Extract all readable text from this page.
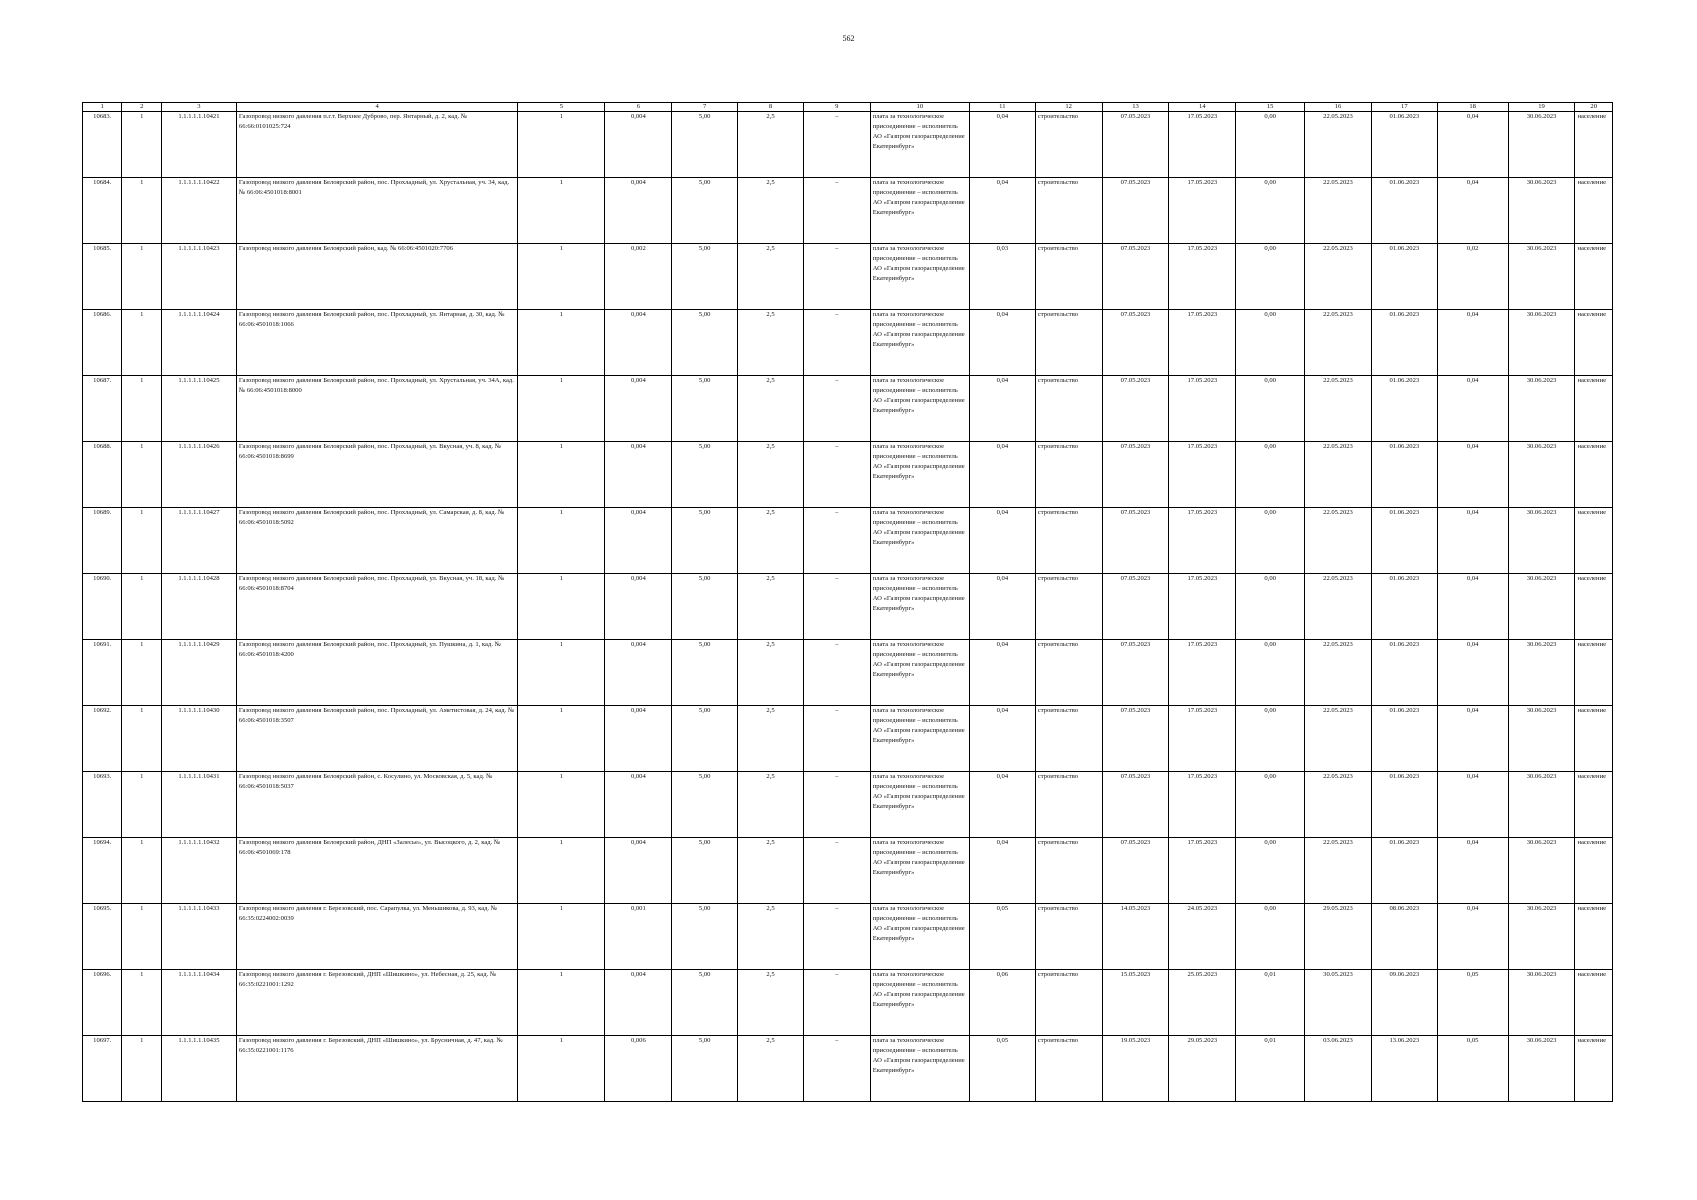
562
1	2	3	4	5	6	7	8	9	10	11	12	13	14	15	16	17	18	19	20
10683.	1	1.1.1.1.1.10421	Газопровод низкого давления п.г.т. Верхнее Дуброво, пер. Янтарный, д. 2, кад. № 66:66:0101025:724	1	0,004	5,00	2,5	–	плата за технологическое присоединение – исполнитель АО «Газпром газораспределение Екатеринбург»	0,04	строительство	07.05.2023	17.05.2023	0,00	22.05.2023	01.06.2023	0,04	30.06.2023	население
10684.	1	1.1.1.1.1.10422	Газопровод низкого давления Белоярский район, пос. Прохладный, ул. Хрустальная, уч. 34, кад. № 66:06:4501018:8001	1	0,004	5,00	2,5	–	плата за технологическое присоединение – исполнитель АО «Газпром газораспределение Екатеринбург»	0,04	строительство	07.05.2023	17.05.2023	0,00	22.05.2023	01.06.2023	0,04	30.06.2023	население
10685.	1	1.1.1.1.1.10423	Газопровод низкого давления Белоярский район, кад. № 66:06:4501020:7706	1	0,002	5,00	2,5	–	плата за технологическое присоединение – исполнитель АО «Газпром газораспределение Екатеринбург»	0,03	строительство	07.05.2023	17.05.2023	0,00	22.05.2023	01.06.2023	0,02	30.06.2023	население
10686.	1	1.1.1.1.1.10424	Газопровод низкого давления Белоярский район, пос. Прохладный, ул. Янтарная, д. 30, кад. № 66:06:4501018:1066	1	0,004	5,00	2,5	–	плата за технологическое присоединение – исполнитель АО «Газпром газораспределение Екатеринбург»	0,04	строительство	07.05.2023	17.05.2023	0,00	22.05.2023	01.06.2023	0,04	30.06.2023	население
10687.	1	1.1.1.1.1.10425	Газопровод низкого давления Белоярский район, пос. Прохладный, ул. Хрустальная, уч. 34А, кад. № 66:06:4501018:8000	1	0,004	5,00	2,5	–	плата за технологическое присоединение – исполнитель АО «Газпром газораспределение Екатеринбург»	0,04	строительство	07.05.2023	17.05.2023	0,00	22.05.2023	01.06.2023	0,04	30.06.2023	население
10688.	1	1.1.1.1.1.10426	Газопровод низкого давления Белоярский район, пос. Прохладный, ул. Вкусная, уч. 8, кад. № 66:06:4501018:8699	1	0,004	5,00	2,5	–	плата за технологическое присоединение – исполнитель АО «Газпром газораспределение Екатеринбург»	0,04	строительство	07.05.2023	17.05.2023	0,00	22.05.2023	01.06.2023	0,04	30.06.2023	население
10689.	1	1.1.1.1.1.10427	Газопровод низкого давления Белоярский район, пос. Прохладный, ул. Самарская, д. 8, кад. № 66:06:4501018:5092	1	0,004	5,00	2,5	–	плата за технологическое присоединение – исполнитель АО «Газпром газораспределение Екатеринбург»	0,04	строительство	07.05.2023	17.05.2023	0,00	22.05.2023	01.06.2023	0,04	30.06.2023	население
10690.	1	1.1.1.1.1.10428	Газопровод низкого давления Белоярский район, пос. Прохладный, ул. Вкусная, уч. 18, кад. № 66:06:4501018:8704	1	0,004	5,00	2,5	–	плата за технологическое присоединение – исполнитель АО «Газпром газораспределение Екатеринбург»	0,04	строительство	07.05.2023	17.05.2023	0,00	22.05.2023	01.06.2023	0,04	30.06.2023	население
10691.	1	1.1.1.1.1.10429	Газопровод низкого давления Белоярский район, пос. Прохладный, ул. Пушкина, д. 1, кад. № 66:06:4501018:4200	1	0,004	5,00	2,5	–	плата за технологическое присоединение – исполнитель АО «Газпром газораспределение Екатеринбург»	0,04	строительство	07.05.2023	17.05.2023	0,00	22.05.2023	01.06.2023	0,04	30.06.2023	население
10692.	1	1.1.1.1.1.10430	Газопровод низкого давления Белоярский район, пос. Прохладный, ул. Аметистовая, д. 24, кад. № 66:06:4501018:3507	1	0,004	5,00	2,5	–	плата за технологическое присоединение – исполнитель АО «Газпром газораспределение Екатеринбург»	0,04	строительство	07.05.2023	17.05.2023	0,00	22.05.2023	01.06.2023	0,04	30.06.2023	население
10693.	1	1.1.1.1.1.10431	Газопровод низкого давления Белоярский район, с. Косулино, ул. Московская, д. 5, кад. № 66:06:4501018:5037	1	0,004	5,00	2,5	–	плата за технологическое присоединение – исполнитель АО «Газпром газораспределение Екатеринбург»	0,04	строительство	07.05.2023	17.05.2023	0,00	22.05.2023	01.06.2023	0,04	30.06.2023	население
10694.	1	1.1.1.1.1.10432	Газопровод низкого давления Белоярский район, ДНП «Залесье», ул. Высоцкого, д. 2, кад. № 66:06:4501069:178	1	0,004	5,00	2,5	–	плата за технологическое присоединение – исполнитель АО «Газпром газораспределение Екатеринбург»	0,04	строительство	07.05.2023	17.05.2023	0,00	22.05.2023	01.06.2023	0,04	30.06.2023	население
10695.	1	1.1.1.1.1.10433	Газопровод низкого давления г. Березовский, пос. Сарапулка, ул. Меньшикова, д. 93, кад. № 66:35:0224002:0039	1	0,001	5,00	2,5	–	плата за технологическое присоединение – исполнитель АО «Газпром газораспределение Екатеринбург»	0,05	строительство	14.05.2023	24.05.2023	0,00	29.05.2023	08.06.2023	0,04	30.06.2023	население
10696.	1	1.1.1.1.1.10434	Газопровод низкого давления г. Березовский, ДНП «Шишкино», ул. Небесная, д. 25, кад. № 66:35:0221001:1292	1	0,004	5,00	2,5	–	плата за технологическое присоединение – исполнитель АО «Газпром газораспределение Екатеринбург»	0,06	строительство	15.05.2023	25.05.2023	0,01	30.05.2023	09.06.2023	0,05	30.06.2023	население
10697.	1	1.1.1.1.1.10435	Газопровод низкого давления г. Березовский, ДНП «Шишкино», ул. Брусничная, д. 47, кад. № 66:35:0221001:1176	1	0,006	5,00	2,5	–	плата за технологическое присоединение – исполнитель АО «Газпром газораспределение Екатеринбург»	0,05	строительство	19.05.2023	29.05.2023	0,01	03.06.2023	13.06.2023	0,05	30.06.2023	население
